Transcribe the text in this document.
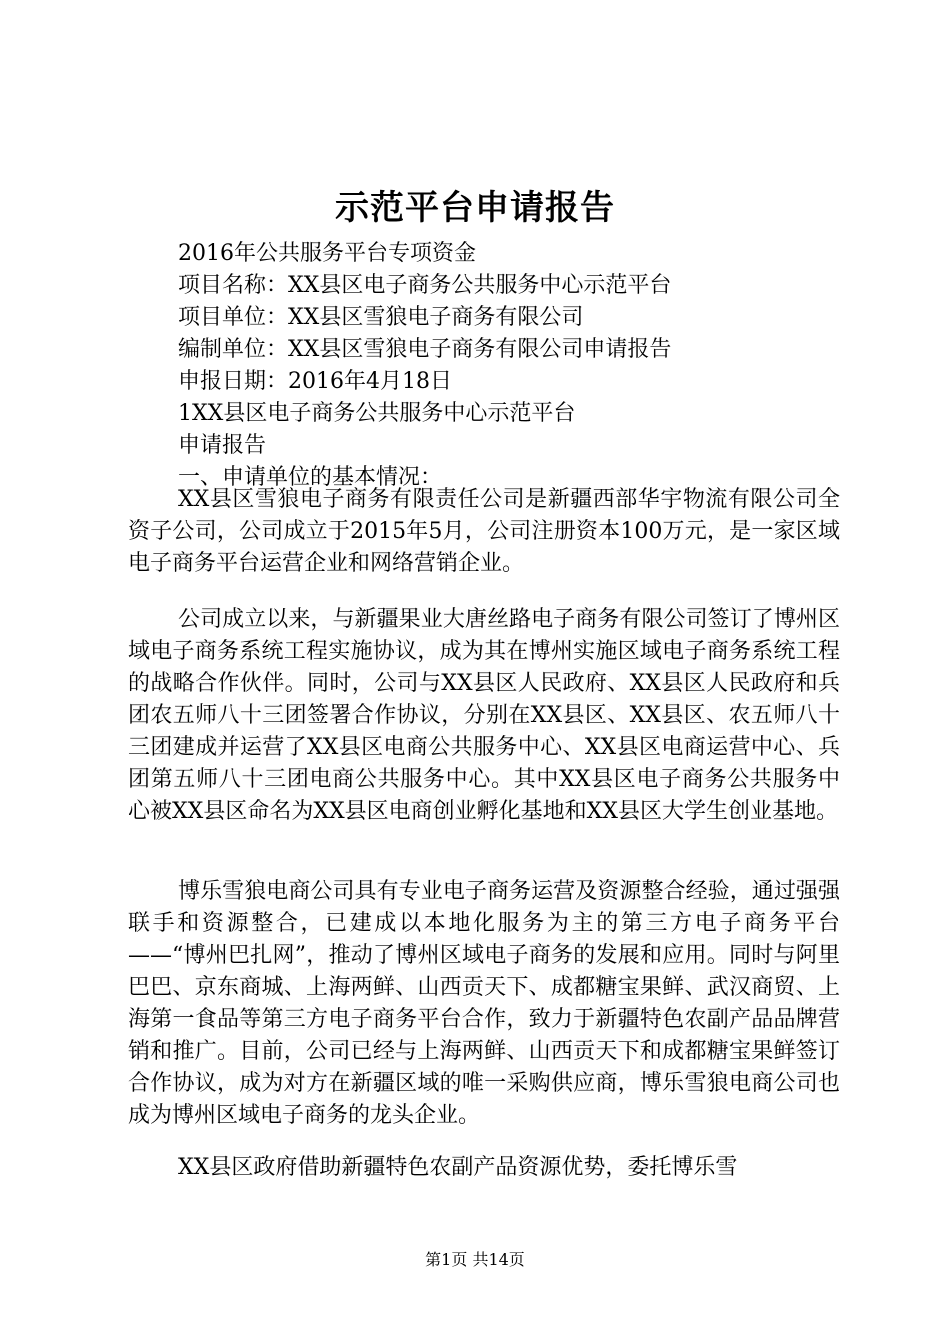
示范平台申请报告
2016年公共服务平台专项资金
项目名称：XX县区电子商务公共服务中心示范平台
项目单位：XX县区雪狼电子商务有限公司
编制单位：XX县区雪狼电子商务有限公司申请报告
申报日期：2016年4月18日
1XX县区电子商务公共服务中心示范平台
申请报告
一、申请单位的基本情况：

XX县区雪狼电子商务有限责任公司是新疆西部华宇物流有限公司全资子公司，公司成立于2015年5月，公司注册资本100万元，是一家区域电子商务平台运营企业和网络营销企业。

公司成立以来，与新疆果业大唐丝路电子商务有限公司签订了博州区域电子商务系统工程实施协议，成为其在博州实施区域电子商务系统工程的战略合作伙伴。同时，公司与XX县区人民政府、XX县区人民政府和兵团农五师八十三团签署合作协议，分别在XX县区、XX县区、农五师八十三团建成并运营了XX县区电商公共服务中心、XX县区电商运营中心、兵团第五师八十三团电商公共服务中心。其中XX县区电子商务公共服务中心被XX县区命名为XX县区电商创业孵化基地和XX县区大学生创业基地。

博乐雪狼电商公司具有专业电子商务运营及资源整合经验，通过强强联手和资源整合，已建成以本地化服务为主的第三方电子商务平台——“博州巴扎网”，推动了博州区域电子商务的发展和应用。同时与阿里巴巴、京东商城、上海两鲜、山西贡天下、成都糖宝果鲜、武汉商贸、上海第一食品等第三方电子商务平台合作，致力于新疆特色农副产品品牌营销和推广。目前，公司已经与上海两鲜、山西贡天下和成都糖宝果鲜签订合作协议，成为对方在新疆区域的唯一采购供应商，博乐雪狼电商公司也成为博州区域电子商务的龙头企业。

XX县区政府借助新疆特色农副产品资源优势，委托博乐雪

第1页 共14页
